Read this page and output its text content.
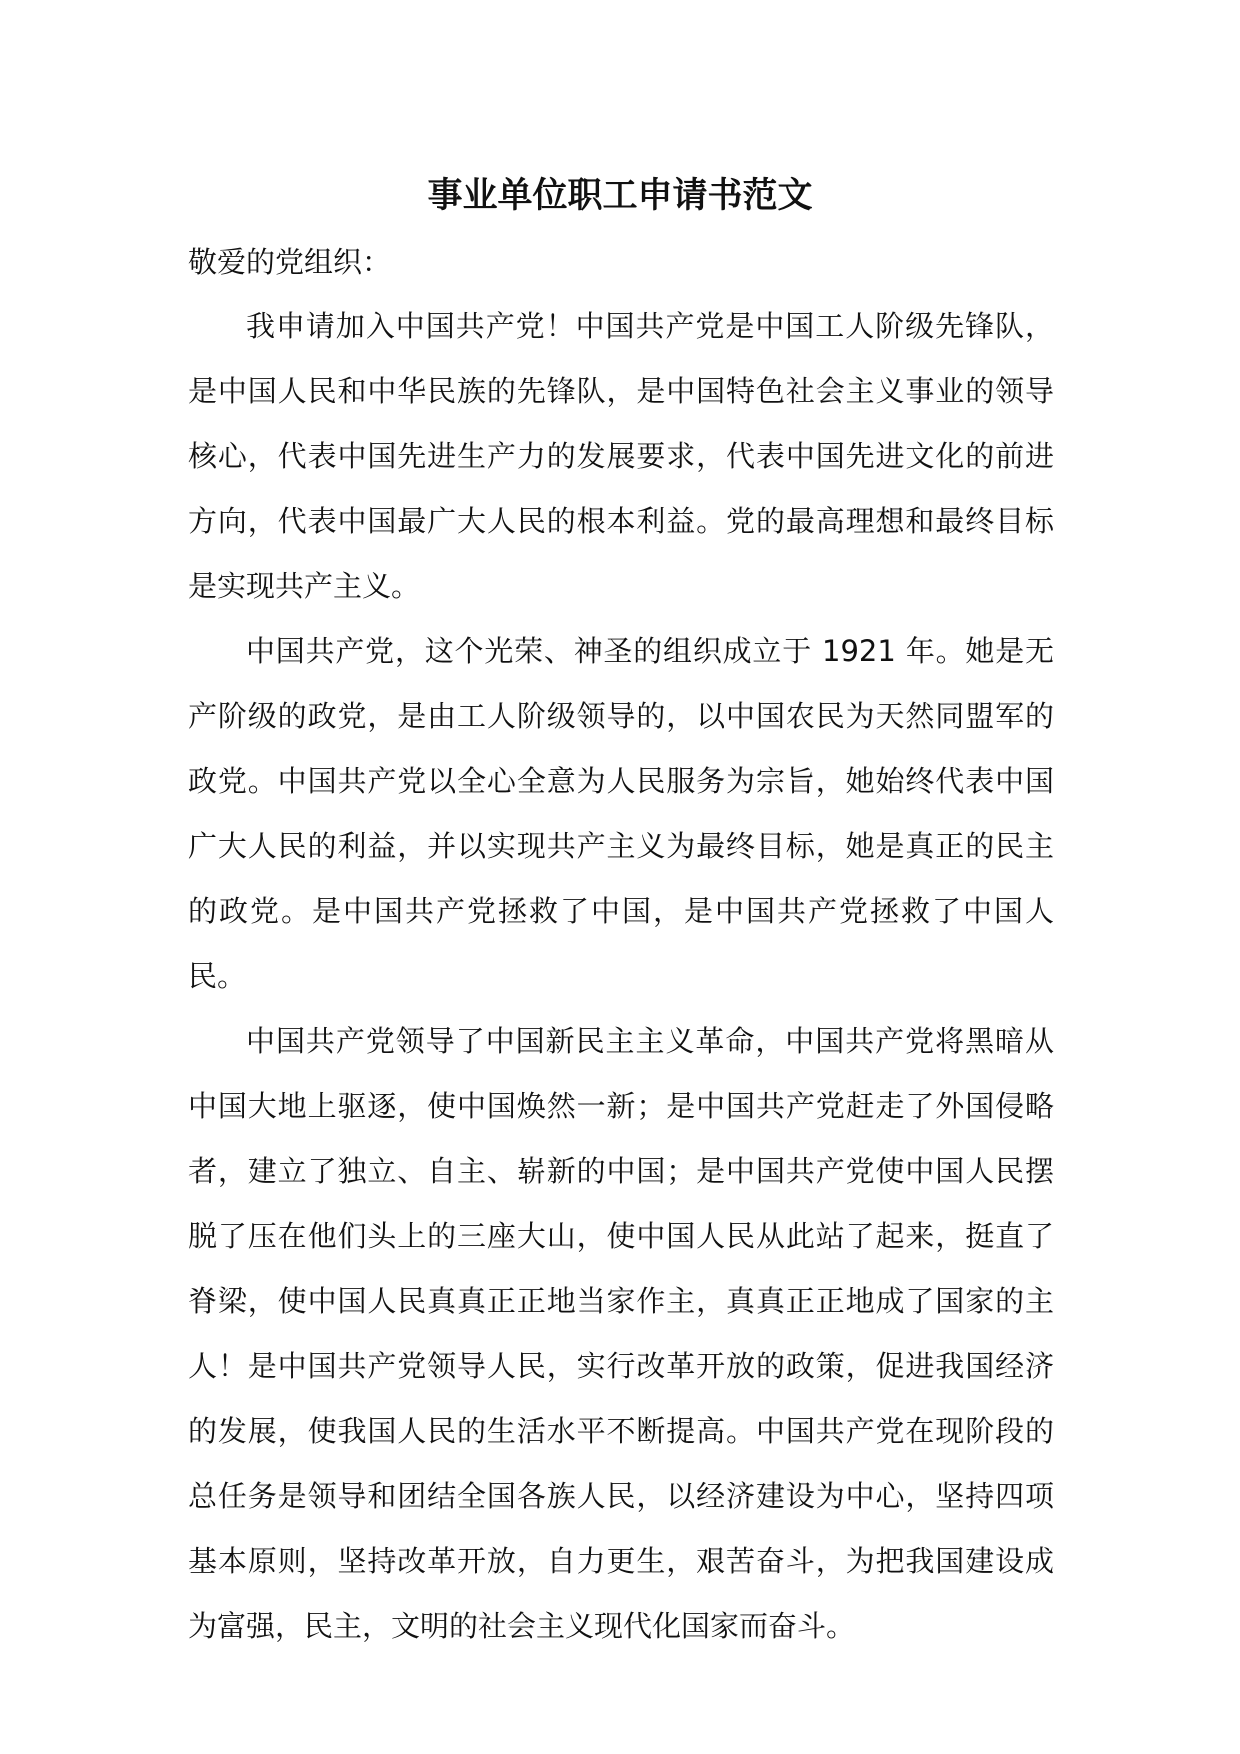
事业单位职工申请书范文

敬爱的党组织：

我申请加入中国共产党！中国共产党是中国工人阶级先锋队，是中国人民和中华民族的先锋队，是中国特色社会主义事业的领导核心，代表中国先进生产力的发展要求，代表中国先进文化的前进方向，代表中国最广大人民的根本利益。党的最高理想和最终目标是实现共产主义。

中国共产党，这个光荣、神圣的组织成立于 1921 年。她是无产阶级的政党，是由工人阶级领导的，以中国农民为天然同盟军的政党。中国共产党以全心全意为人民服务为宗旨，她始终代表中国广大人民的利益，并以实现共产主义为最终目标，她是真正的民主的政党。是中国共产党拯救了中国，是中国共产党拯救了中国人民。

中国共产党领导了中国新民主主义革命，中国共产党将黑暗从中国大地上驱逐，使中国焕然一新；是中国共产党赶走了外国侵略者，建立了独立、自主、崭新的中国；是中国共产党使中国人民摆脱了压在他们头上的三座大山，使中国人民从此站了起来，挺直了脊梁，使中国人民真真正正地当家作主，真真正正地成了国家的主人！是中国共产党领导人民，实行改革开放的政策，促进我国经济的发展，使我国人民的生活水平不断提高。中国共产党在现阶段的总任务是领导和团结全国各族人民，以经济建设为中心，坚持四项基本原则，坚持改革开放，自力更生，艰苦奋斗，为把我国建设成为富强，民主，文明的社会主义现代化国家而奋斗。
